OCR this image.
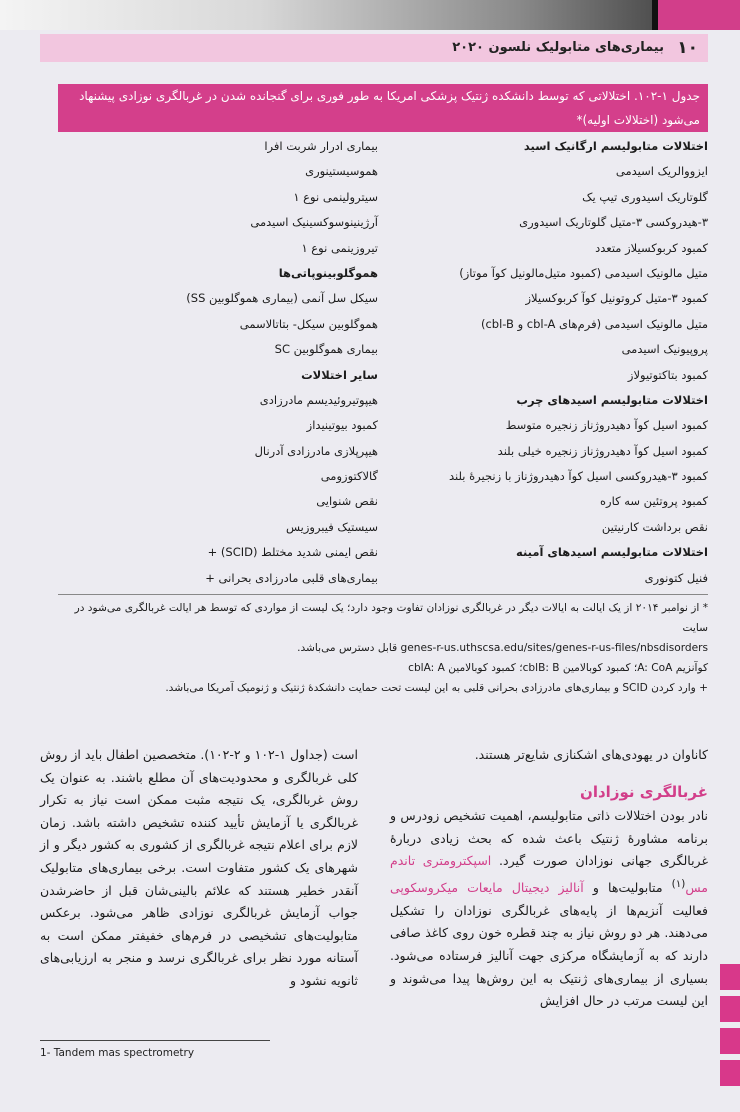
۱۰
بیماری‌های متابولیک نلسون ۲۰۲۰
جدول ۱-۱۰۲. اختلالاتی که توسط دانشکده ژنتیک پزشکی امریکا به طور فوری برای گنجانده شدن در غربالگری نوزادی پیشنهاد می‌شود (اختلالات اولیه)*
اختلالات متابولیسم ارگانیک اسید
ایزووالریک اسیدمی
گلوتاریک اسیدوری تیپ یک
۳-هیدروکسی ۳-متیل گلوتاریک اسیدوری
کمبود کربوکسیلاز متعدد
متیل مالونیک اسیدمی (کمبود متیل‌مالونیل کوآ موتاز)
کمبود ۳-متیل کروتونیل کوآ کربوکسیلاز
متیل مالونیک اسیدمی (فرم‌های cbl-A و cbl-B)
پروپیونیک اسیدمی
کمبود بتاکتوتیولاز
اختلالات متابولیسم اسیدهای چرب
کمبود اسیل کوآ دهیدروژناز زنجیره متوسط
کمبود اسیل کوآ دهیدروژناز زنجیره خیلی بلند
کمبود ۳-هیدروکسی اسیل کوآ دهیدروژناز با زنجیرهٔ بلند
کمبود پروتئین سه کاره
نقص برداشت کارنیتین
اختلالات متابولیسم اسیدهای آمینه
فنیل کتونوری
بیماری ادرار شربت افرا
هموسیستینوری
سیترولینمی نوع ۱
آرژینینوسوکسینیک اسیدمی
تیروزینمی نوع ۱
هموگلوبینوپاتی‌ها
سیکل سل آنمی (بیماری هموگلوبین SS)
هموگلوبین سیکل- بتاتالاسمی
بیماری هموگلوبین SC
سایر اختلالات
هیپوتیروئیدیسم مادرزادی
کمبود بیوتینیداز
هیپرپلازی مادرزادی آدرنال
گالاکتوزومی
نقص شنوایی
سیستیک فیبروزیس
نقص ایمنی شدید مختلط (SCID) +
بیماری‌های قلبی مادرزادی بحرانی +

* از نوامبر ۲۰۱۴ از یک ایالت به ایالات دیگر در غربالگری نوزادان تفاوت وجود دارد؛ یک لیست از مواردی که توسط هر ایالت غربالگری می‌شود در سایت

genes-r-us.uthscsa.edu/sites/genes-r-us-files/nbsdisorders قابل دسترس می‌باشد.

کوآنزیم A: CoA؛ کمبود کوبالامین cblB: B؛ کمبود کوبالامین cblA: A

+ وارد کردن SCID و بیماری‌های مادرزادی بحرانی قلبی به این لیست تحت حمایت دانشکدهٔ ژنتیک و ژنومیک آمریکا می‌باشد.

کاناوان در یهودی‌های اشکنازی شایع‌تر هستند.

غربالگری نوزادان

نادر بودن اختلالات ذاتی متابولیسم، اهمیت تشخیص زودرس و برنامه مشاورهٔ ژنتیک باعث شده که بحث زیادی دربارهٔ غربالگری جهانی نوزادان صورت گیرد. اسپکترومتری تاندم مس$^{(۱)}$ متابولیت‌ها و آنالیز دیجیتال مایعات میکروسکوپی فعالیت آنزیم‌ها از پایه‌های غربالگری نوزادان را تشکیل می‌دهند. هر دو روش نیاز به چند قطره خون روی کاغذ صافی دارند که به آزمایشگاه مرکزی جهت آنالیز فرستاده می‌شود. بسیاری از بیماری‌های ژنتیک به این روش‌ها پیدا می‌شوند و این لیست مرتب در حال افزایش

است (جداول ۱-۱۰۲ و ۲-۱۰۲). متخصصین اطفال باید از روش کلی غربالگری و محدودیت‌های آن مطلع باشند. به عنوان یک روش غربالگری، یک نتیجه مثبت ممکن است نیاز به تکرار غربالگری یا آزمایش تأیید کننده تشخیص داشته باشد. زمان لازم برای اعلام نتیجه غربالگری از کشوری به کشور دیگر و از شهرهای یک کشور متفاوت است. برخی بیماری‌های متابولیک آنقدر خطیر هستند که علائم بالینی‌شان قبل از حاضرشدن جواب آزمایش غربالگری نوزادی ظاهر می‌شود. برعکس متابولیت‌های تشخیصی در فرم‌های خفیفتر ممکن است به آستانه مورد نظر برای غربالگری نرسد و منجر به ارزیابی‌های ثانویه نشود و

1- Tandem mas spectrometry
